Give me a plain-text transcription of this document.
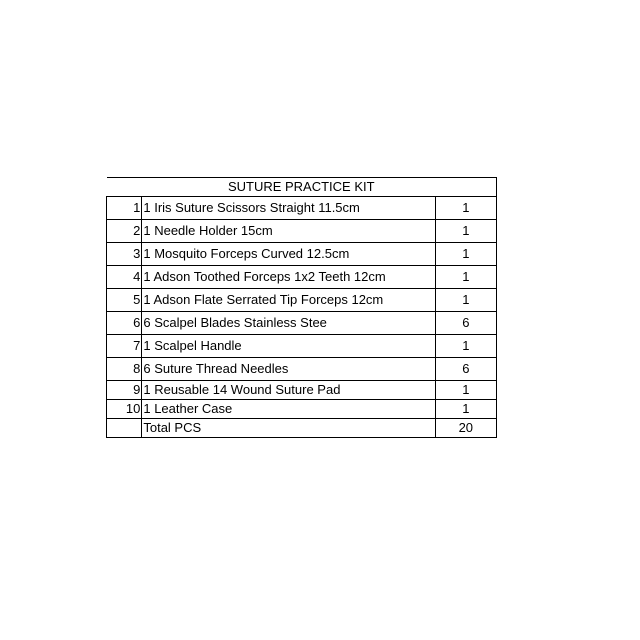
SUTURE PRACTICE KIT		
1	1 Iris Suture Scissors Straight 11.5cm	1
2	1 Needle Holder 15cm	1
3	1 Mosquito Forceps Curved 12.5cm	1
4	1 Adson Toothed Forceps 1x2 Teeth 12cm	1
5	1 Adson Flate Serrated Tip Forceps 12cm	1
6	6 Scalpel Blades Stainless Stee	6
7	1 Scalpel Handle	1
8	6 Suture Thread Needles	6
9	1 Reusable 14 Wound Suture Pad	1
10	1 Leather Case	1
	Total PCS	20
